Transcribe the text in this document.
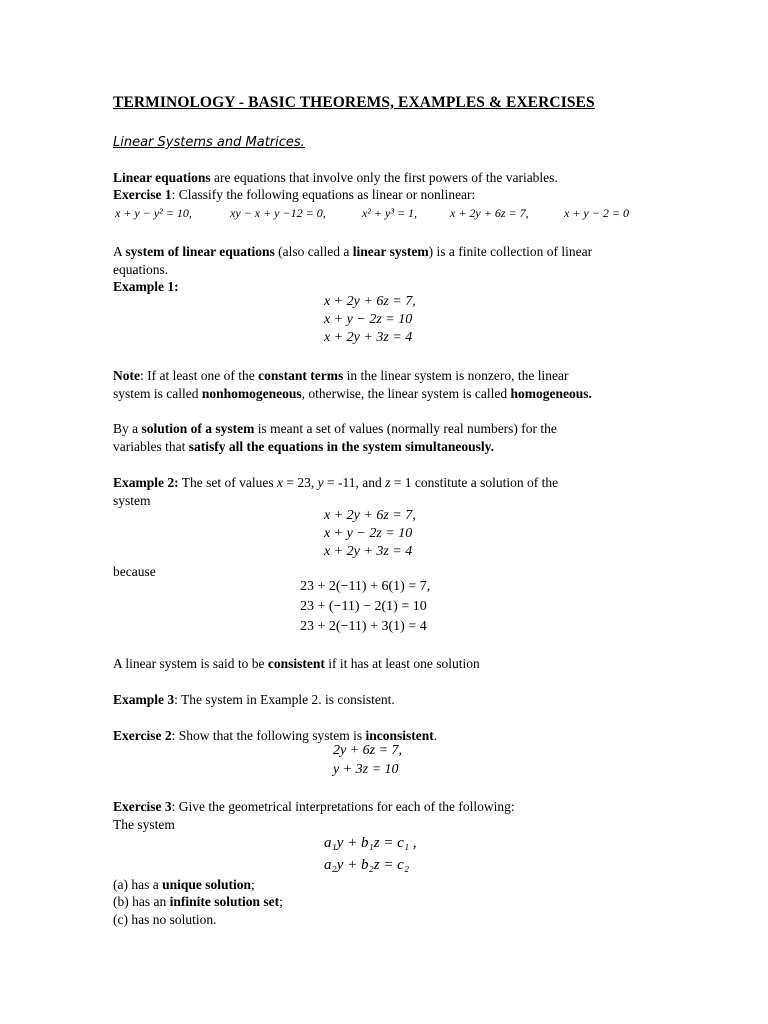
TERMINOLOGY - BASIC THEOREMS, EXAMPLES & EXERCISES
Linear Systems and Matrices.
Linear equations are equations that involve only the first powers of the variables.
Exercise 1: Classify the following equations as linear or nonlinear:
x + y − y² = 10,	xy − x + y −12 = 0,	x² + y³ = 1,	x + 2y + 6z = 7,	x + y − 2 = 0
A system of linear equations (also called a linear system) is a finite collection of linear
equations.
Example 1:
x + 2y + 6z = 7,
x + y − 2z = 10
x + 2y + 3z = 4
Note: If at least one of the constant terms in the linear system is nonzero, the linear
system is called nonhomogeneous, otherwise, the linear system is called homogeneous.
By a solution of a system is meant a set of values (normally real numbers) for the
variables that satisfy all the equations in the system simultaneously.
Example 2: The set of values x = 23, y = -11, and z = 1 constitute a solution of the
system
x + 2y + 6z = 7,
x + y − 2z = 10
x + 2y + 3z = 4
because
23 + 2(−11) + 6(1) = 7,
23 + (−11) − 2(1) = 10
23 + 2(−11) + 3(1) = 4
A linear system is said to be consistent if it has at least one solution
Example 3: The system in Example 2. is consistent.
Exercise 2: Show that the following system is inconsistent.
2y + 6z = 7,
y + 3z = 10
Exercise 3: Give the geometrical interpretations for each of the following:
The system
a₁y + b₁z = c₁ ,
a₂y + b₂z = c₂
(a) has a unique solution;
(b) has an infinite solution set;
(c) has no solution.
